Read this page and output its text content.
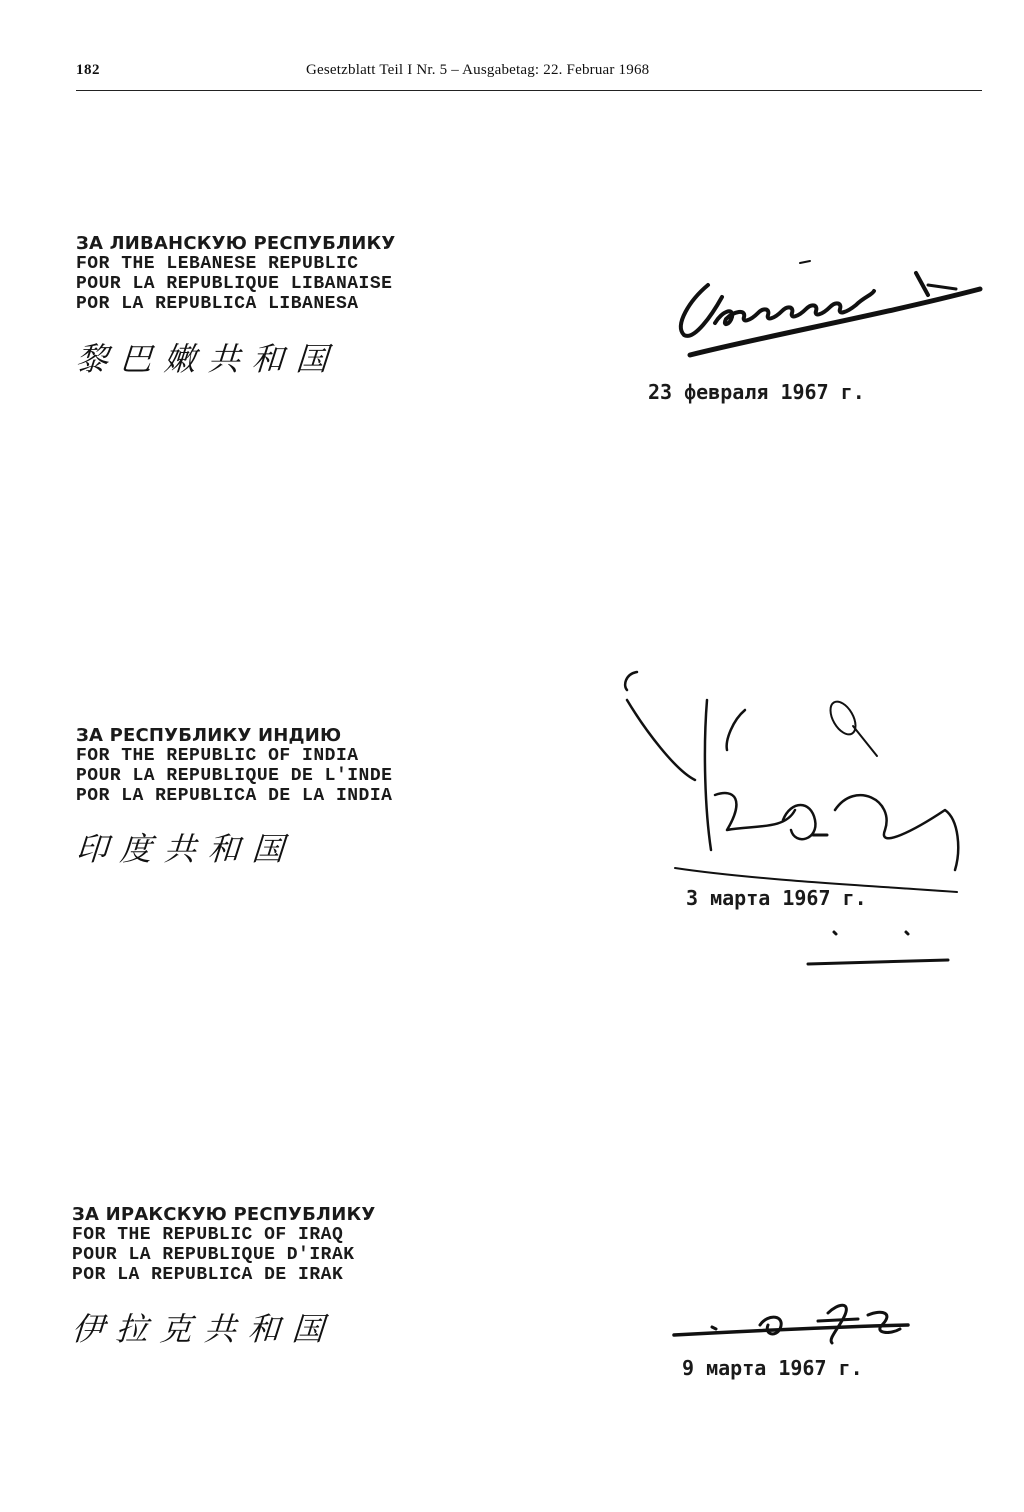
182	Gesetzblatt Teil I Nr. 5 – Ausgabetag: 22. Februar 1968
ЗА ЛИВАНСКУЮ РЕСПУБЛИКУ
FOR THE LEBANESE REPUBLIC
POUR LA REPUBLIQUE LIBANAISE
POR LA REPUBLICA LIBANESA
黎巴嫩共和国
23 февраля 1967 г.
ЗА РЕСПУБЛИКУ ИНДИЮ
FOR THE REPUBLIC OF INDIA
POUR LA REPUBLIQUE DE L'INDE
POR LA REPUBLICA DE LA INDIA
印度共和国
3 марта 1967 г.
ЗА ИРАКСКУЮ РЕСПУБЛИКУ
FOR THE REPUBLIC OF IRAQ
POUR LA REPUBLIQUE D'IRAK
POR LA REPUBLICA DE IRAK
伊拉克共和国
9 марта 1967 г.
